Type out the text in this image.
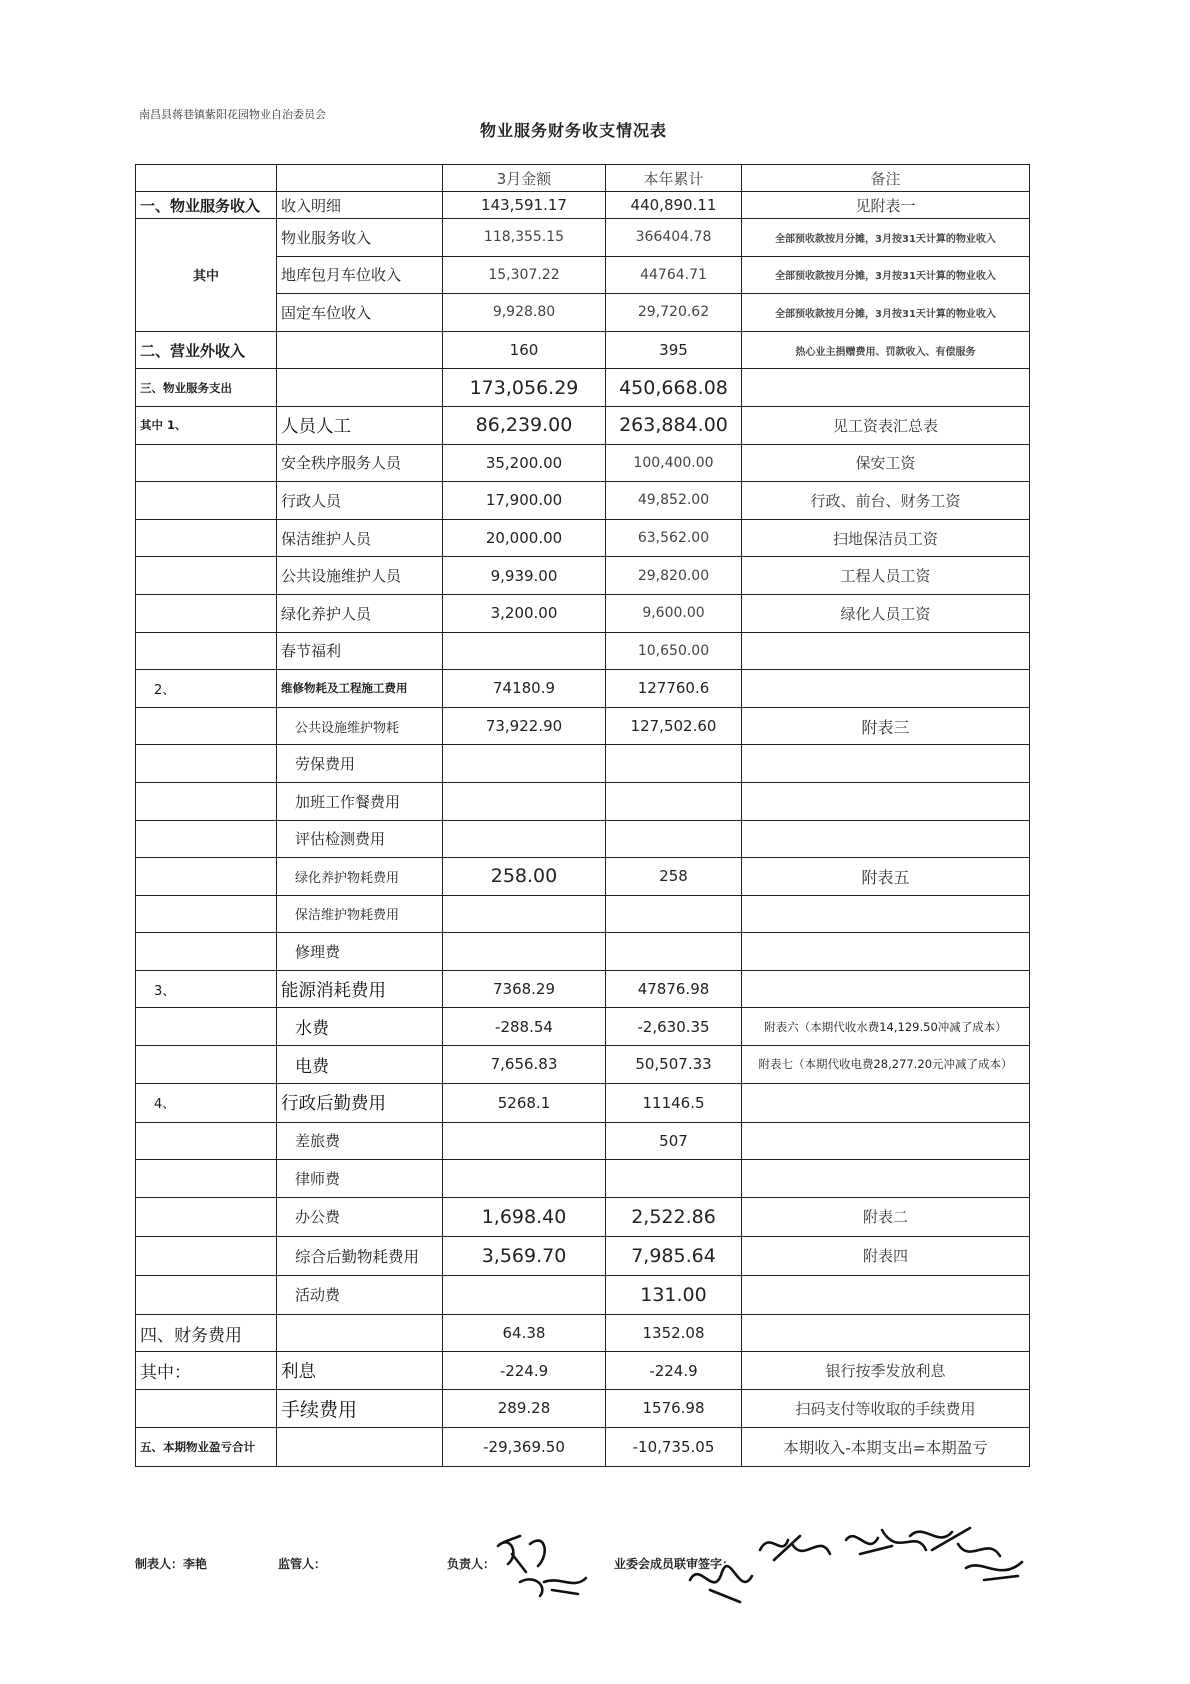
南昌县蒋巷镇紫阳花园物业自治委员会
物业服务财务收支情况表
		3月金额	本年累计	备注
一、物业服务收入	收入明细	143,591.17	440,890.11	见附表一
其中	物业服务收入	118,355.15	366404.78	全部预收款按月分摊，3月按31天计算的物业收入
	地库包月车位收入	15,307.22	44764.71	全部预收款按月分摊，3月按31天计算的物业收入
	固定车位收入	9,928.80	29,720.62	全部预收款按月分摊，3月按31天计算的物业收入
二、营业外收入		160	395	热心业主捐赠费用、罚款收入、有偿服务
三、物业服务支出		173,056.29	450,668.08	
其中 1、	人员人工	86,239.00	263,884.00	见工资表汇总表
	安全秩序服务人员	35,200.00	100,400.00	保安工资
	行政人员	17,900.00	49,852.00	行政、前台、财务工资
	保洁维护人员	20,000.00	63,562.00	扫地保洁员工资
	公共设施维护人员	9,939.00	29,820.00	工程人员工资
	绿化养护人员	3,200.00	9,600.00	绿化人员工资
	春节福利		10,650.00	
2、	维修物耗及工程施工费用	74180.9	127760.6	
	公共设施维护物耗	73,922.90	127,502.60	附表三
	劳保费用			
	加班工作餐费用			
	评估检测费用			
	绿化养护物耗费用	258.00	258	附表五
	保洁维护物耗费用			
	修理费			
3、	能源消耗费用	7368.29	47876.98	
	水费	-288.54	-2,630.35	附表六（本期代收水费14,129.50冲减了成本）
	电费	7,656.83	50,507.33	附表七（本期代收电费28,277.20元冲减了成本）
4、	行政后勤费用	5268.1	11146.5	
	差旅费		507	
	律师费			
	办公费	1,698.40	2,522.86	附表二
	综合后勤物耗费用	3,569.70	7,985.64	附表四
	活动费		131.00	
四、财务费用		64.38	1352.08	
其中：	利息	-224.9	-224.9	银行按季发放利息
	手续费用	289.28	1576.98	扫码支付等收取的手续费用
五、本期物业盈亏合计		-29,369.50	-10,735.05	本期收入-本期支出=本期盈亏
制表人：李艳	监管人：	负责人：	业委会成员联审签字：
